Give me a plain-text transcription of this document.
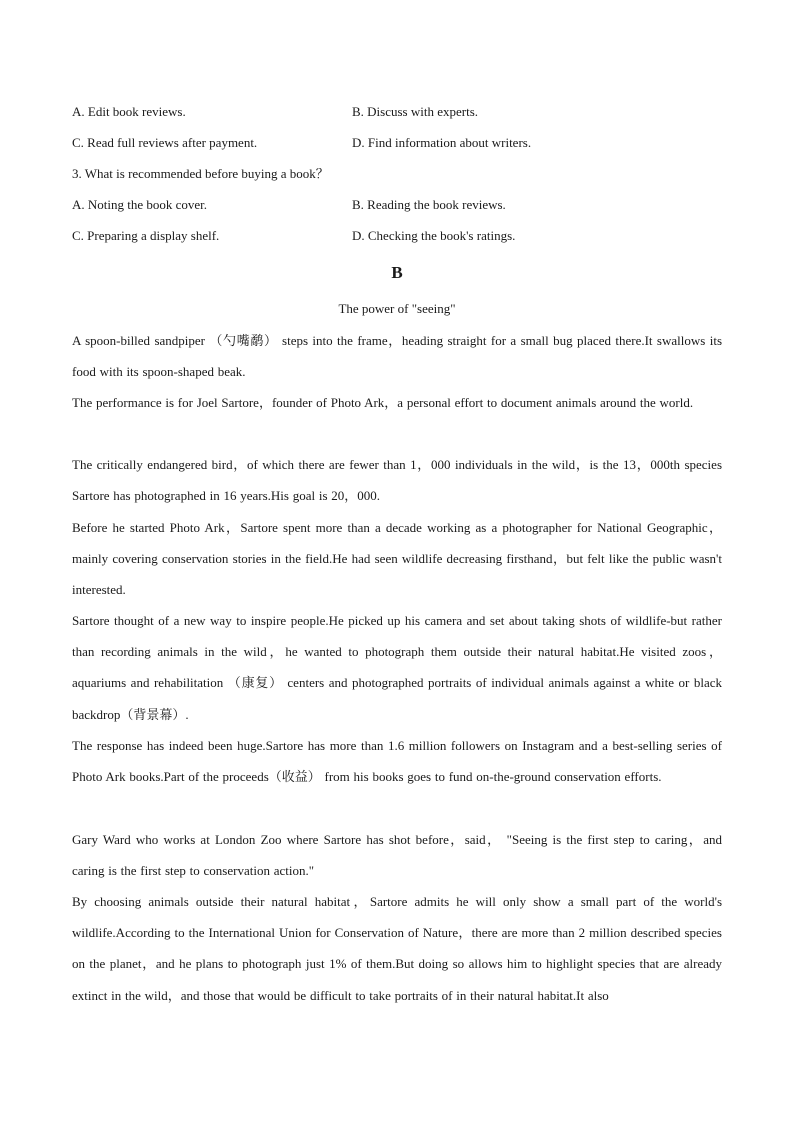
A. Edit book reviews.	B. Discuss with experts.
C. Read full reviews after payment.	D. Find information about writers.
3. What is recommended before buying a book？
A. Noting the book cover.	B. Reading the book reviews.
C. Preparing a display shelf.	D. Checking the book's ratings.
B
The power of "seeing"
A spoon-billed sandpiper （勺嘴鹬） steps into the frame，heading straight for a small bug placed there.It swallows its food with its spoon-shaped beak.
The performance is for Joel Sartore，founder of Photo Ark，a personal effort to document animals around the world.
The critically endangered bird，of which there are fewer than 1，000 individuals in the wild，is the 13，000th species Sartore has photographed in 16 years.His goal is 20，000.
Before he started Photo Ark，Sartore spent more than a decade working as a photographer for National Geographic，mainly covering conservation stories in the field.He had seen wildlife decreasing firsthand，but felt like the public wasn't interested.
Sartore thought of a new way to inspire people.He picked up his camera and set about taking shots of wildlife-but rather than recording animals in the wild，he wanted to photograph them outside their natural habitat.He visited zoos，aquariums and rehabilitation （康复） centers and photographed portraits of individual animals against a white or black backdrop（背景幕）.
The response has indeed been huge.Sartore has more than 1.6 million followers on Instagram and a best-selling series of Photo Ark books.Part of the proceeds（收益） from his books goes to fund on-the-ground conservation efforts.
Gary Ward who works at London Zoo where Sartore has shot before，said， "Seeing is the first step to caring，and caring is the first step to conservation action."
By choosing animals outside their natural habitat，Sartore admits he will only show a small part of the world's wildlife.According to the International Union for Conservation of Nature，there are more than 2 million described species on the planet，and he plans to photograph just 1% of them.But doing so allows him to highlight species that are already extinct in the wild，and those that would be difficult to take portraits of in their natural habitat.It also
